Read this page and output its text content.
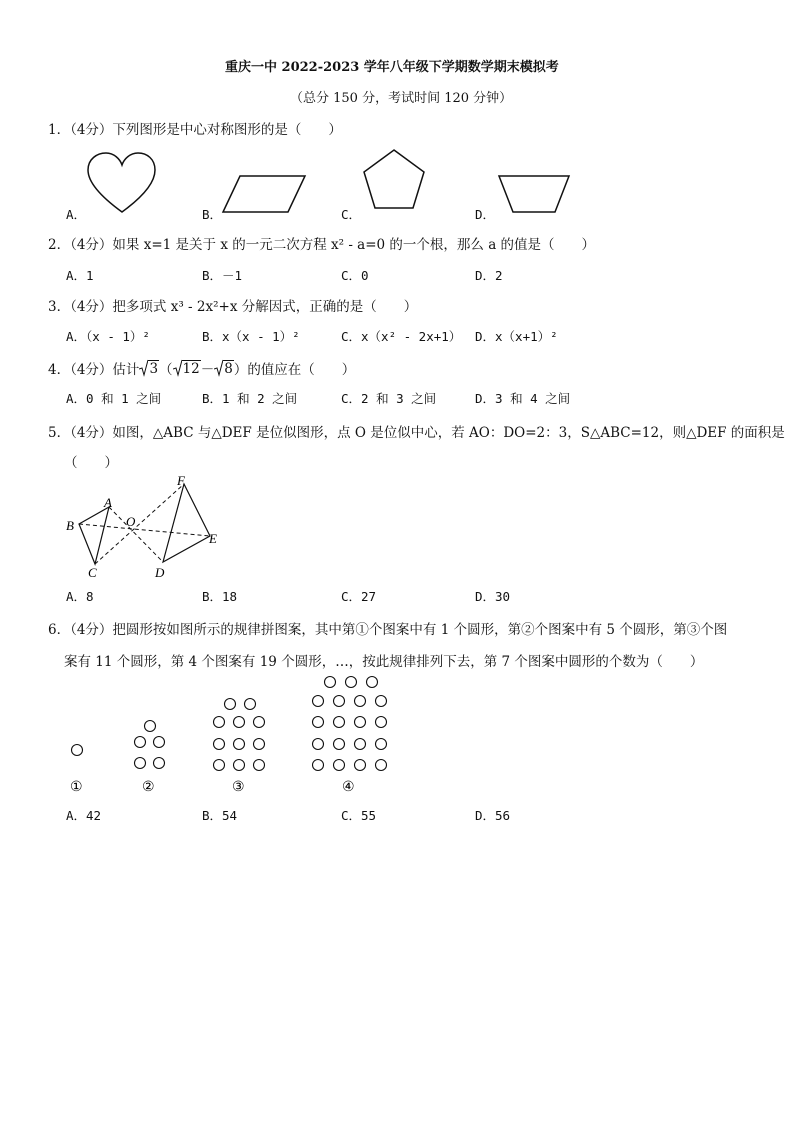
重庆一中 2022-2023 学年八年级下学期数学期末模拟考
（总分 150 分，考试时间 120 分钟）
1．（4分）下列图形是中心对称图形的是（　　）
A．	B．	C．	D．
2．（4分）如果 x=1 是关于 x 的一元二次方程 x² - a=0 的一个根，那么 a 的值是（　　）
A．1	B．－1	C．0	D．2
3．（4分）把多项式 x³ - 2x²+x 分解因式，正确的是（　　）
A．（x - 1）²	B．x（x - 1）²	C．x（x² - 2x+1） D．x（x+1）²
4．（4分）估计 3 （ 12 － 8 ） 的值应在（　　）
A．0 和 1 之间	B．1 和 2 之间	C．2 和 3 之间	D．3 和 4 之间
5．（4分）如图，△ABC 与△DEF 是位似图形，点 O 是位似中心，若 AO：DO=2：3，S△ABC=12，则△DEF 的面积是
（　　）
A
B
C
O
D
E
F
A．8	B．18	C．27	D．30
6．（4分）把圆形按如图所示的规律拼图案，其中第①个图案中有 1 个圆形，第②个图案中有 5 个圆形，第③个图
案有 11 个圆形，第 4 个图案有 19 个圆形，…，按此规律排列下去，第 7 个图案中圆形的个数为（　　）
①	②	③	④
A．42	B．54	C．55	D．56
